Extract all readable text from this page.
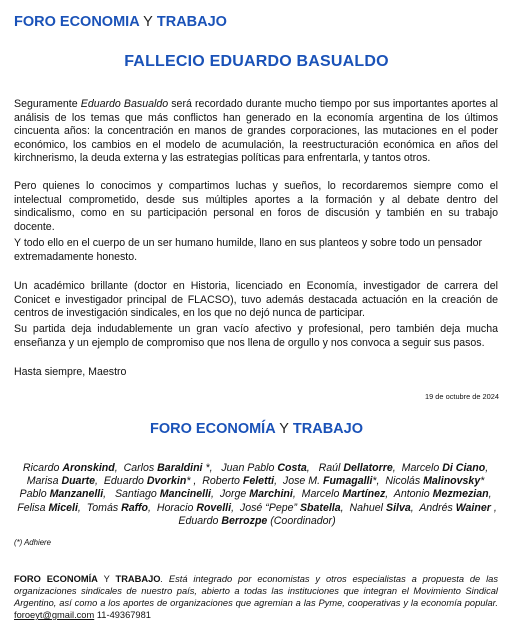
FORO ECONOMIA Y TRABAJO
FALLECIO EDUARDO BASUALDO

Seguramente Eduardo Basualdo será recordado durante mucho tiempo por sus importantes aportes al análisis de los temas que más conflictos han generado en la economía argentina de los últimos cincuenta años: la concentración en manos de grandes corporaciones, las mutaciones en el poder económico, los cambios en el modelo de acumulación, la reestructuración económica en años del kirchnerismo, la deuda externa y las estrategias políticas para enfrentarla, y tantos otros.

Pero quienes lo conocimos y compartimos luchas y sueños, lo recordaremos siempre como el intelectual comprometido, desde sus múltiples aportes a la formación y al debate dentro del sindicalismo, como en su participación personal en foros de discusión y también en su trabajo docente.

Y todo ello en el cuerpo de un ser humano humilde, llano en sus planteos y sobre todo un pensador extremadamente honesto.

Un académico brillante (doctor en Historia, licenciado en Economía, investigador de carrera del Conicet e investigador principal de FLACSO), tuvo además destacada actuación en la creación de centros de investigación sindicales, en los que no dejó nunca de participar.

Su partida deja indudablemente un gran vacío afectivo y profesional, pero también deja mucha enseñanza y un ejemplo de compromiso que nos llena de orgullo y nos convoca a seguir sus pasos.

Hasta siempre, Maestro

19 de octubre de 2024
FORO ECONOMÍA Y TRABAJO
Ricardo Aronskind,  Carlos Baraldini *,   Juan Pablo Costa,   Raúl Dellatorre,  Marcelo Di Ciano,  Marisa Duarte,  Eduardo Dvorkin* ,  Roberto Feletti,  Jose M. Fumagalli*,  Nicolás Malinovsky*  Pablo Manzanelli,   Santiago Mancinelli,  Jorge Marchini,  Marcelo Martínez,  Antonio Mezmezian,  Felisa Miceli,  Tomás Raffo,  Horacio Rovelli,  José “Pepe” Sbatella,  Nahuel Silva,  Andrés Wainer , Eduardo Berrozpe (Coordinador)
(*) Adhiere

FORO ECONOMÍA Y TRABAJO. Está integrado por economistas y otros especialistas a propuesta de las organizaciones sindicales de nuestro país, abierto a todas las instituciones que integran el Movimiento Sindical Argentino, así como a los aportes de organizaciones que agremian a las Pyme, cooperativas y la economía popular. foroeyt@gmail.com 11-49367981
